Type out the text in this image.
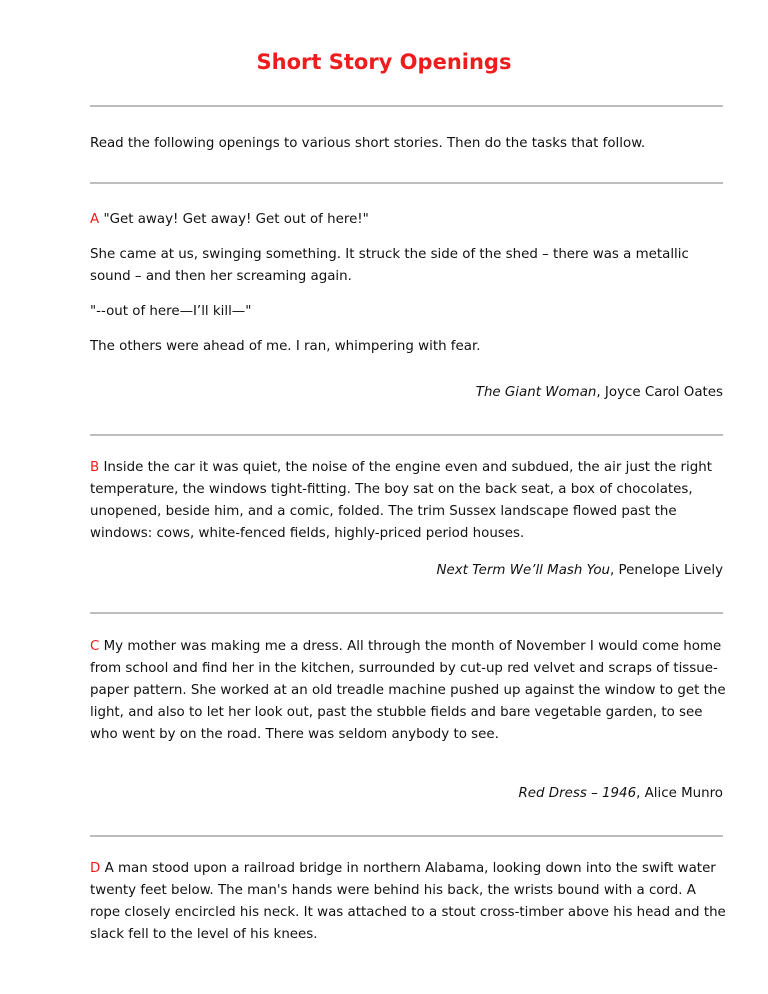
Short Story Openings

Read the following openings to various short stories. Then do the tasks that follow.

A "Get away! Get away! Get out of here!"

She came at us, swinging something. It struck the side of the shed – there was a metallic sound – and then her screaming again.

"--out of here—I’ll kill—"

The others were ahead of me. I ran, whimpering with fear.

The Giant Woman, Joyce Carol Oates

B Inside the car it was quiet, the noise of the engine even and subdued, the air just the right temperature, the windows tight-fitting. The boy sat on the back seat, a box of chocolates, unopened, beside him, and a comic, folded. The trim Sussex landscape flowed past the windows: cows, white-fenced fields, highly-priced period houses.

Next Term We’ll Mash You, Penelope Lively

C My mother was making me a dress. All through the month of November I would come home from school and find her in the kitchen, surrounded by cut-up red velvet and scraps of tissue-paper pattern. She worked at an old treadle machine pushed up against the window to get the light, and also to let her look out, past the stubble fields and bare vegetable garden, to see who went by on the road. There was seldom anybody to see.

Red Dress – 1946, Alice Munro

D A man stood upon a railroad bridge in northern Alabama, looking down into the swift water twenty feet below. The man's hands were behind his back, the wrists bound with a cord. A rope closely encircled his neck. It was attached to a stout cross-timber above his head and the slack fell to the level of his knees.
